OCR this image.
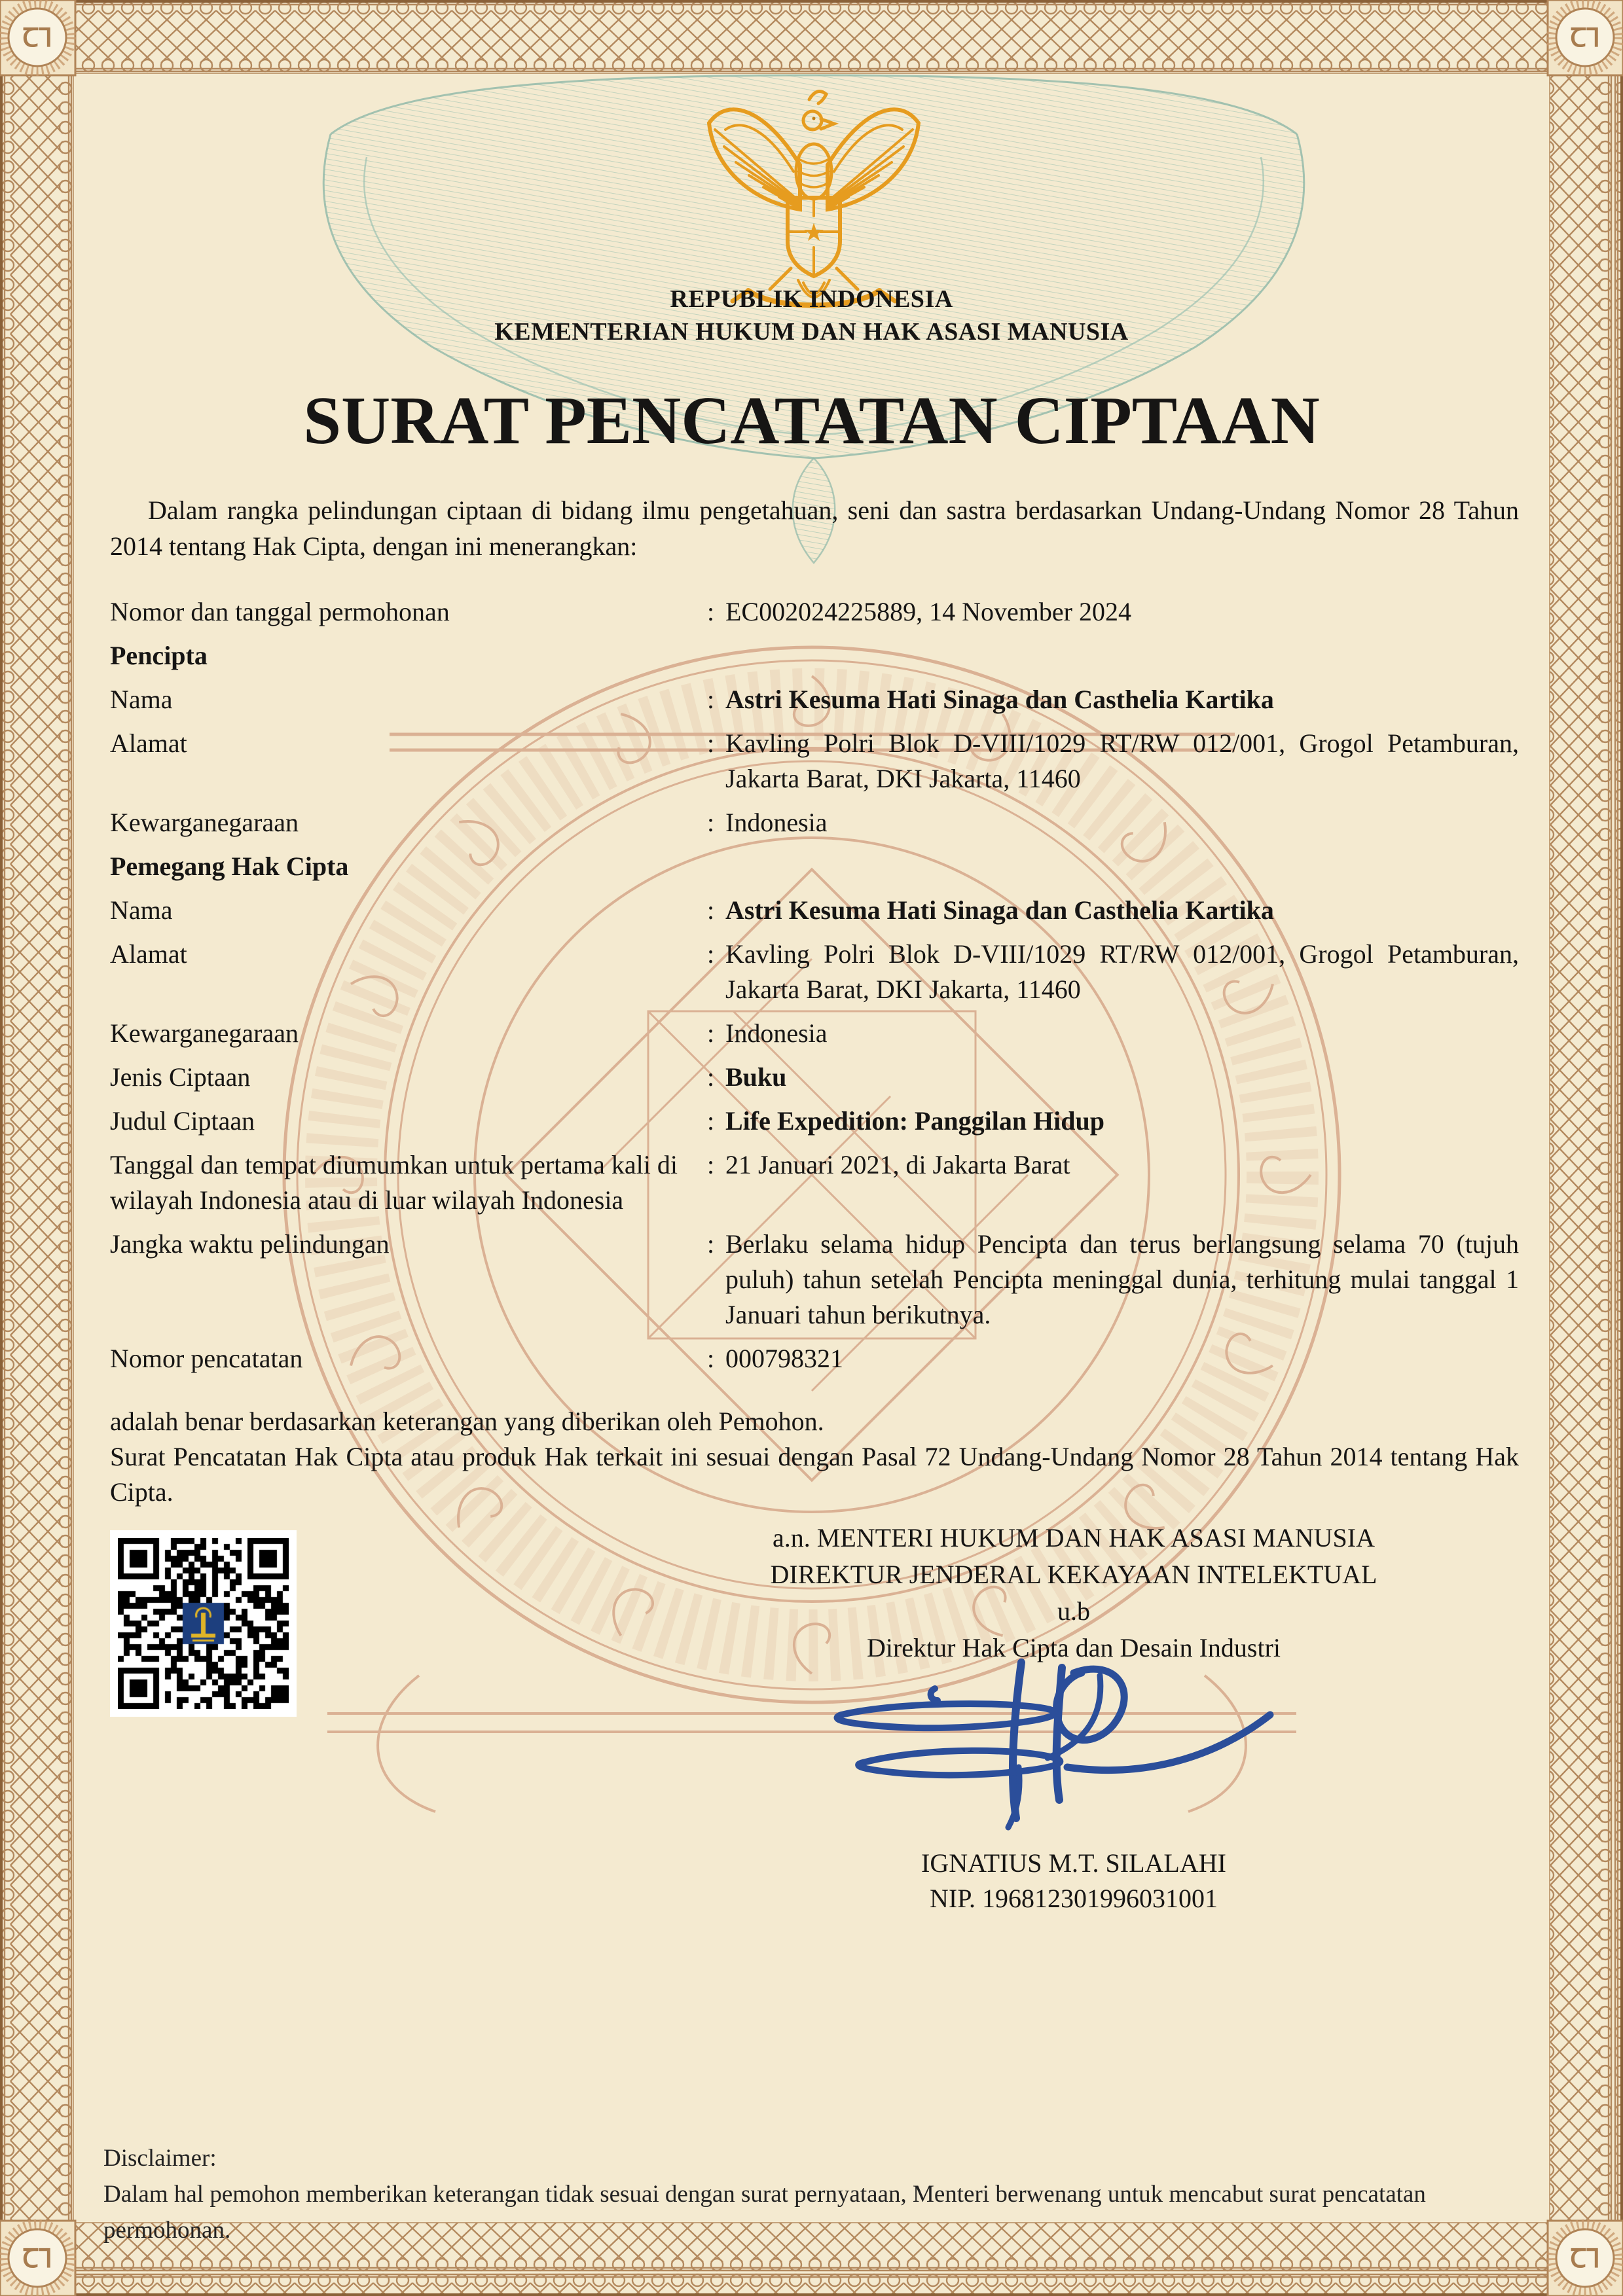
ꞆꞀ
★
REPUBLIK INDONESIA
KEMENTERIAN HUKUM DAN HAK ASASI MANUSIA
SURAT PENCATATAN CIPTAAN

Dalam rangka pelindungan ciptaan di bidang ilmu pengetahuan, seni dan sastra berdasarkan Undang-Undang Nomor 28 Tahun 2014 tentang Hak Cipta, dengan ini menerangkan:

Nomor dan tanggal permohonan	: EC002024225889, 14 November 2024
Pencipta
Nama	: Astri Kesuma Hati Sinaga dan Casthelia Kartika
Alamat	: Kavling Polri Blok D-VIII/1029 RT/RW 012/001, Grogol Petamburan, Jakarta Barat, DKI Jakarta, 11460
Kewarganegaraan	: Indonesia
Pemegang Hak Cipta
Nama	: Astri Kesuma Hati Sinaga dan Casthelia Kartika
Alamat	: Kavling Polri Blok D-VIII/1029 RT/RW 012/001, Grogol Petamburan, Jakarta Barat, DKI Jakarta, 11460
Kewarganegaraan	: Indonesia
Jenis Ciptaan	: Buku
Judul Ciptaan	: Life Expedition: Panggilan Hidup
Tanggal dan tempat diumumkan untuk pertama kali di wilayah Indonesia atau di luar wilayah Indonesia
: 21 Januari 2021, di Jakarta Barat
Jangka waktu pelindungan	: Berlaku selama hidup Pencipta dan terus berlangsung selama 70 (tujuh puluh) tahun setelah Pencipta meninggal dunia, terhitung mulai tanggal 1 Januari tahun berikutnya.
Nomor pencatatan	: 000798321

adalah benar berdasarkan keterangan yang diberikan oleh Pemohon.

Surat Pencatatan Hak Cipta atau produk Hak terkait ini sesuai dengan Pasal 72 Undang-Undang Nomor 28 Tahun 2014 tentang Hak Cipta.

a.n. MENTERI HUKUM DAN HAK ASASI MANUSIA
DIREKTUR JENDERAL KEKAYAAN INTELEKTUAL
u.b
Direktur Hak Cipta dan Desain Industri
IGNATIUS M.T. SILALAHI
NIP. 196812301996031001
Disclaimer:
Dalam hal pemohon memberikan keterangan tidak sesuai dengan surat pernyataan, Menteri berwenang untuk mencabut surat pencatatan permohonan.
